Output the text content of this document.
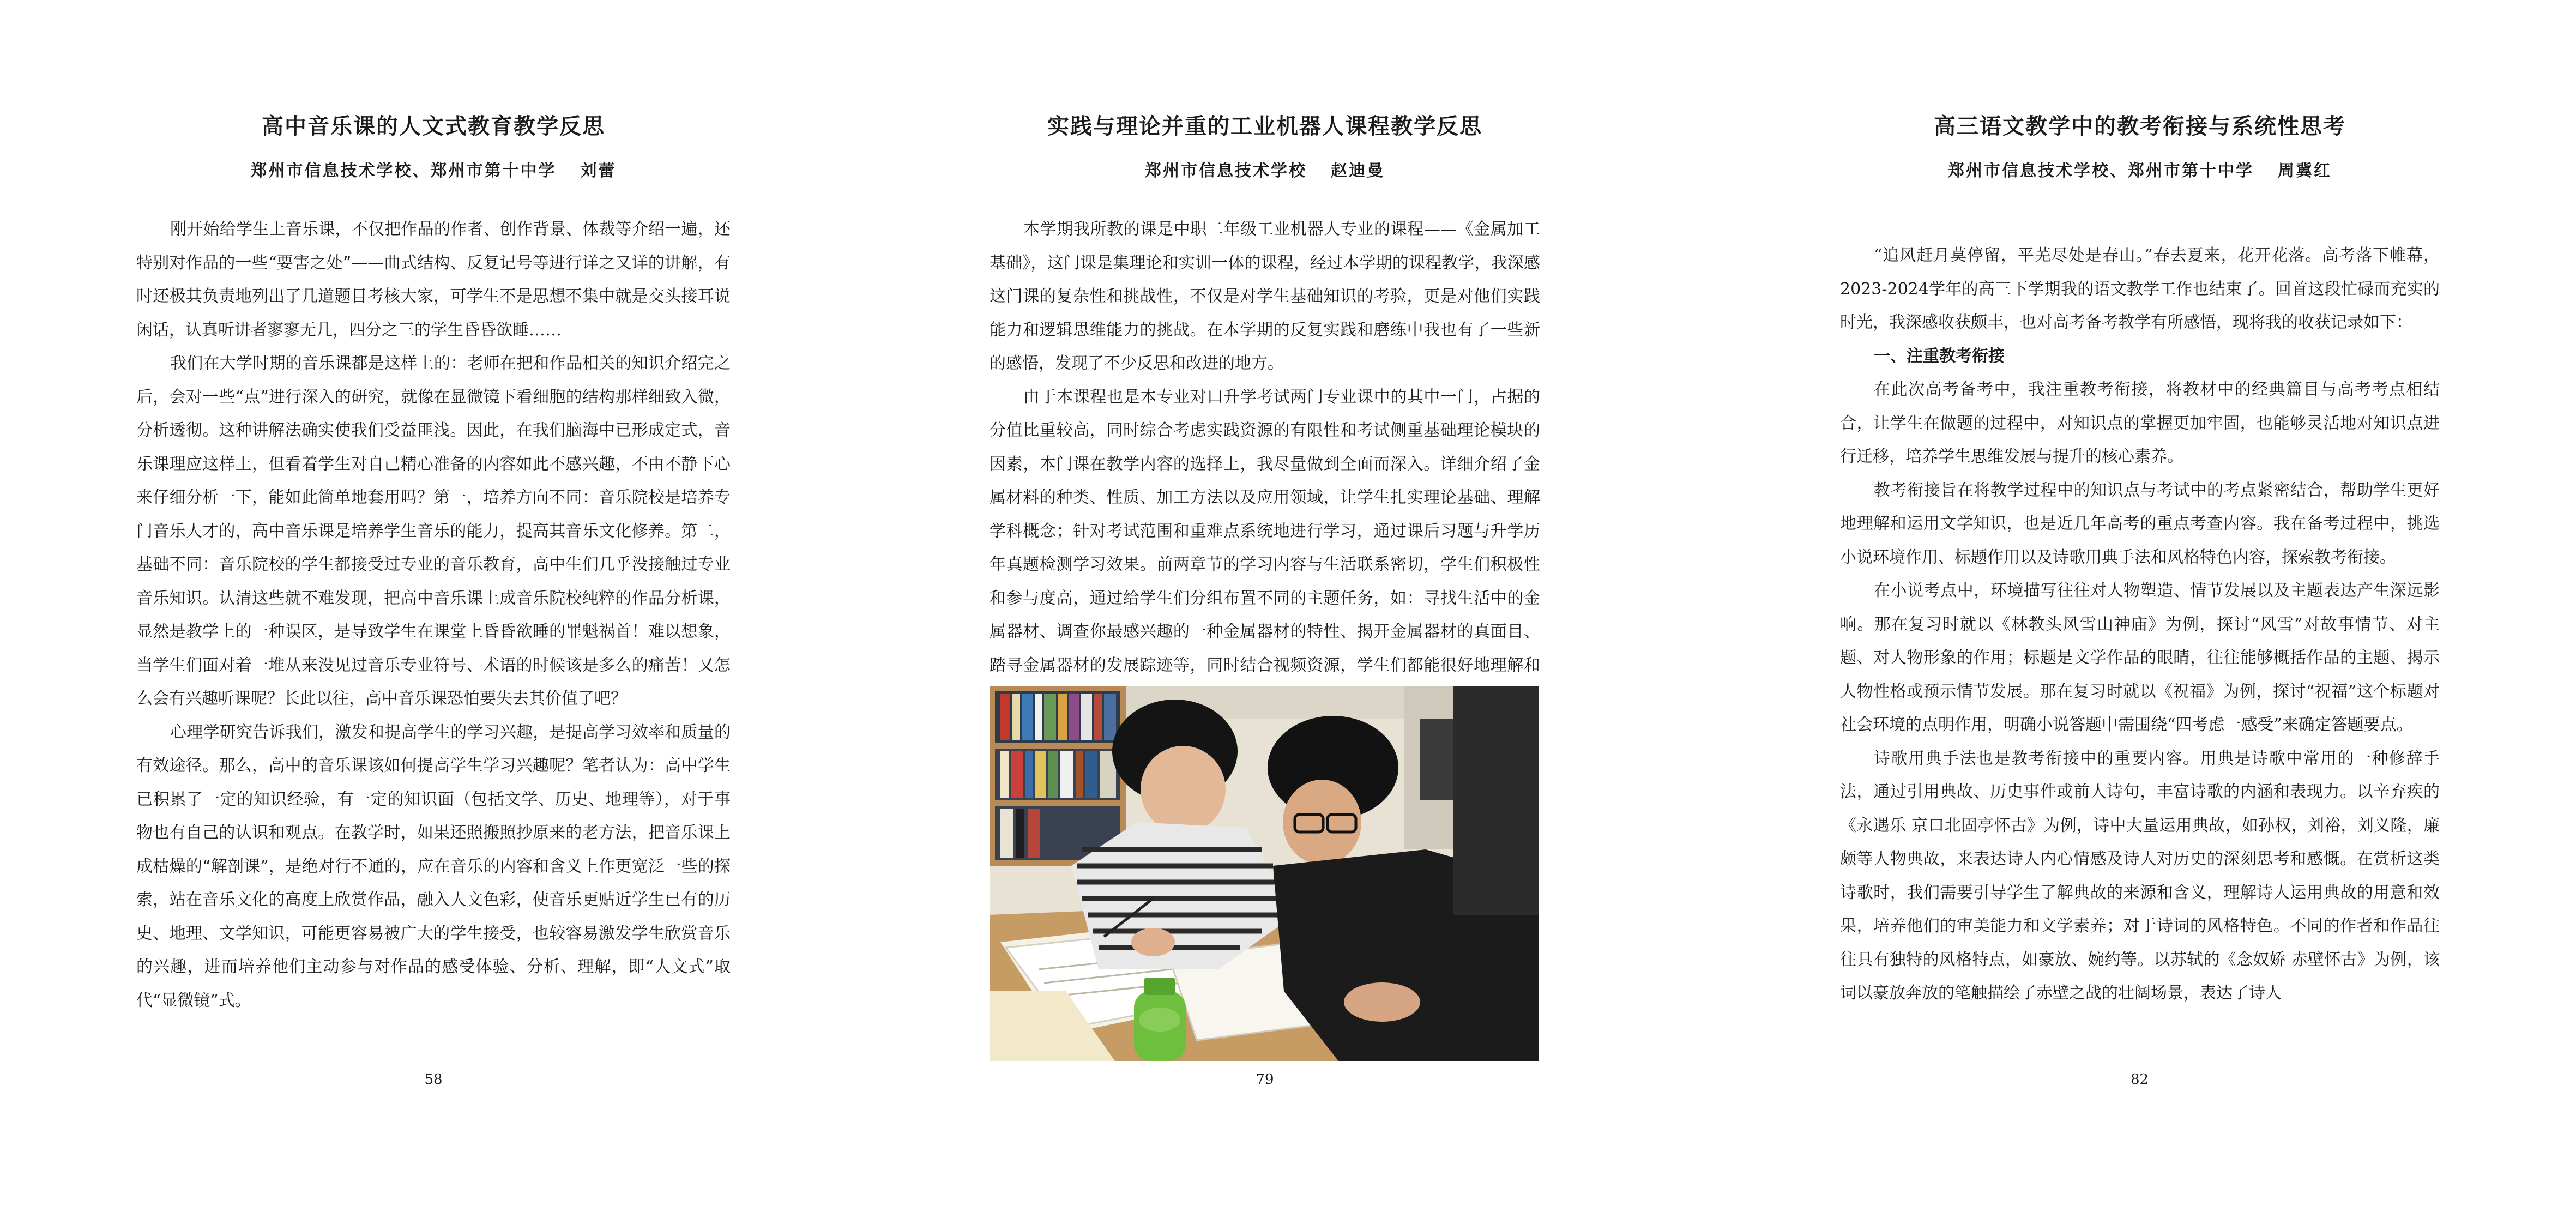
高中音乐课的人文式教育教学反思
郑州市信息技术学校、郑州市第十中学 刘蕾

刚开始给学生上音乐课，不仅把作品的作者、创作背景、体裁等介绍一遍，还特别对作品的一些“要害之处”——曲式结构、反复记号等进行详之又详的讲解，有时还极其负责地列出了几道题目考核大家，可学生不是思想不集中就是交头接耳说闲话，认真听讲者寥寥无几，四分之三的学生昏昏欲睡……

我们在大学时期的音乐课都是这样上的：老师在把和作品相关的知识介绍完之后，会对一些“点”进行深入的研究，就像在显微镜下看细胞的结构那样细致入微，分析透彻。这种讲解法确实使我们受益匪浅。因此，在我们脑海中已形成定式，音乐课理应这样上，但看着学生对自己精心准备的内容如此不感兴趣，不由不静下心来仔细分析一下，能如此简单地套用吗？第一，培养方向不同：音乐院校是培养专门音乐人才的，高中音乐课是培养学生音乐的能力，提高其音乐文化修养。第二，基础不同：音乐院校的学生都接受过专业的音乐教育，高中生们几乎没接触过专业音乐知识。认清这些就不难发现，把高中音乐课上成音乐院校纯粹的作品分析课，显然是教学上的一种误区，是导致学生在课堂上昏昏欲睡的罪魁祸首！难以想象，当学生们面对着一堆从来没见过音乐专业符号、术语的时候该是多么的痛苦！又怎么会有兴趣听课呢？长此以往，高中音乐课恐怕要失去其价值了吧？

心理学研究告诉我们，激发和提高学生的学习兴趣，是提高学习效率和质量的有效途径。那么，高中的音乐课该如何提高学生学习兴趣呢？笔者认为：高中学生已积累了一定的知识经验，有一定的知识面（包括文学、历史、地理等），对于事物也有自己的认识和观点。在教学时，如果还照搬照抄原来的老方法，把音乐课上成枯燥的“解剖课”，是绝对行不通的，应在音乐的内容和含义上作更宽泛一些的探索，站在音乐文化的高度上欣赏作品，融入人文色彩，使音乐更贴近学生已有的历史、地理、文学知识，可能更容易被广大的学生接受，也较容易激发学生欣赏音乐的兴趣，进而培养他们主动参与对作品的感受体验、分析、理解，即“人文式”取代“显微镜”式。

58
实践与理论并重的工业机器人课程教学反思
郑州市信息技术学校 赵迪曼

本学期我所教的课是中职二年级工业机器人专业的课程——《金属加工基础》，这门课是集理论和实训一体的课程，经过本学期的课程教学，我深感这门课的复杂性和挑战性，不仅是对学生基础知识的考验，更是对他们实践能力和逻辑思维能力的挑战。在本学期的反复实践和磨练中我也有了一些新的感悟，发现了不少反思和改进的地方。

由于本课程也是本专业对口升学考试两门专业课中的其中一门，占据的分值比重较高，同时综合考虑实践资源的有限性和考试侧重基础理论模块的因素，本门课在教学内容的选择上，我尽量做到全面而深入。详细介绍了金属材料的种类、性质、加工方法以及应用领域，让学生扎实理论基础、理解学科概念；针对考试范围和重难点系统地进行学习，通过课后习题与升学历年真题检测学习效果。前两章节的学习内容与生活联系密切，学生们积极性和参与度高，通过给学生们分组布置不同的主题任务，如：寻找生活中的金属器材、调查你最感兴趣的一种金属器材的特性、揭开金属器材的真面目、踏寻金属器材的发展踪迹等，同时结合视频资源，学生们都能很好地理解和

79
高三语文教学中的教考衔接与系统性思考
郑州市信息技术学校、郑州市第十中学 周冀红

“追风赶月莫停留，平芜尽处是春山。”春去夏来，花开花落。高考落下帷幕，2023-2024学年的高三下学期我的语文教学工作也结束了。回首这段忙碌而充实的时光，我深感收获颇丰，也对高考备考教学有所感悟，现将我的收获记录如下：

一、注重教考衔接

在此次高考备考中，我注重教考衔接，将教材中的经典篇目与高考考点相结合，让学生在做题的过程中，对知识点的掌握更加牢固，也能够灵活地对知识点进行迁移，培养学生思维发展与提升的核心素养。

教考衔接旨在将教学过程中的知识点与考试中的考点紧密结合，帮助学生更好地理解和运用文学知识，也是近几年高考的重点考查内容。我在备考过程中，挑选小说环境作用、标题作用以及诗歌用典手法和风格特色内容，探索教考衔接。

在小说考点中，环境描写往往对人物塑造、情节发展以及主题表达产生深远影响。那在复习时就以《林教头风雪山神庙》为例，探讨“风雪”对故事情节、对主题、对人物形象的作用；标题是文学作品的眼睛，往往能够概括作品的主题、揭示人物性格或预示情节发展。那在复习时就以《祝福》为例，探讨“祝福”这个标题对社会环境的点明作用，明确小说答题中需围绕“四考虑一感受”来确定答题要点。

诗歌用典手法也是教考衔接中的重要内容。用典是诗歌中常用的一种修辞手法，通过引用典故、历史事件或前人诗句，丰富诗歌的内涵和表现力。以辛弃疾的《永遇乐 京口北固亭怀古》为例，诗中大量运用典故，如孙权，刘裕，刘义隆，廉颇等人物典故，来表达诗人内心情感及诗人对历史的深刻思考和感慨。在赏析这类诗歌时，我们需要引导学生了解典故的来源和含义，理解诗人运用典故的用意和效果，培养他们的审美能力和文学素养；对于诗词的风格特色。不同的作者和作品往往具有独特的风格特点，如豪放、婉约等。以苏轼的《念奴娇 赤壁怀古》为例，该词以豪放奔放的笔触描绘了赤壁之战的壮阔场景，表达了诗人

82
